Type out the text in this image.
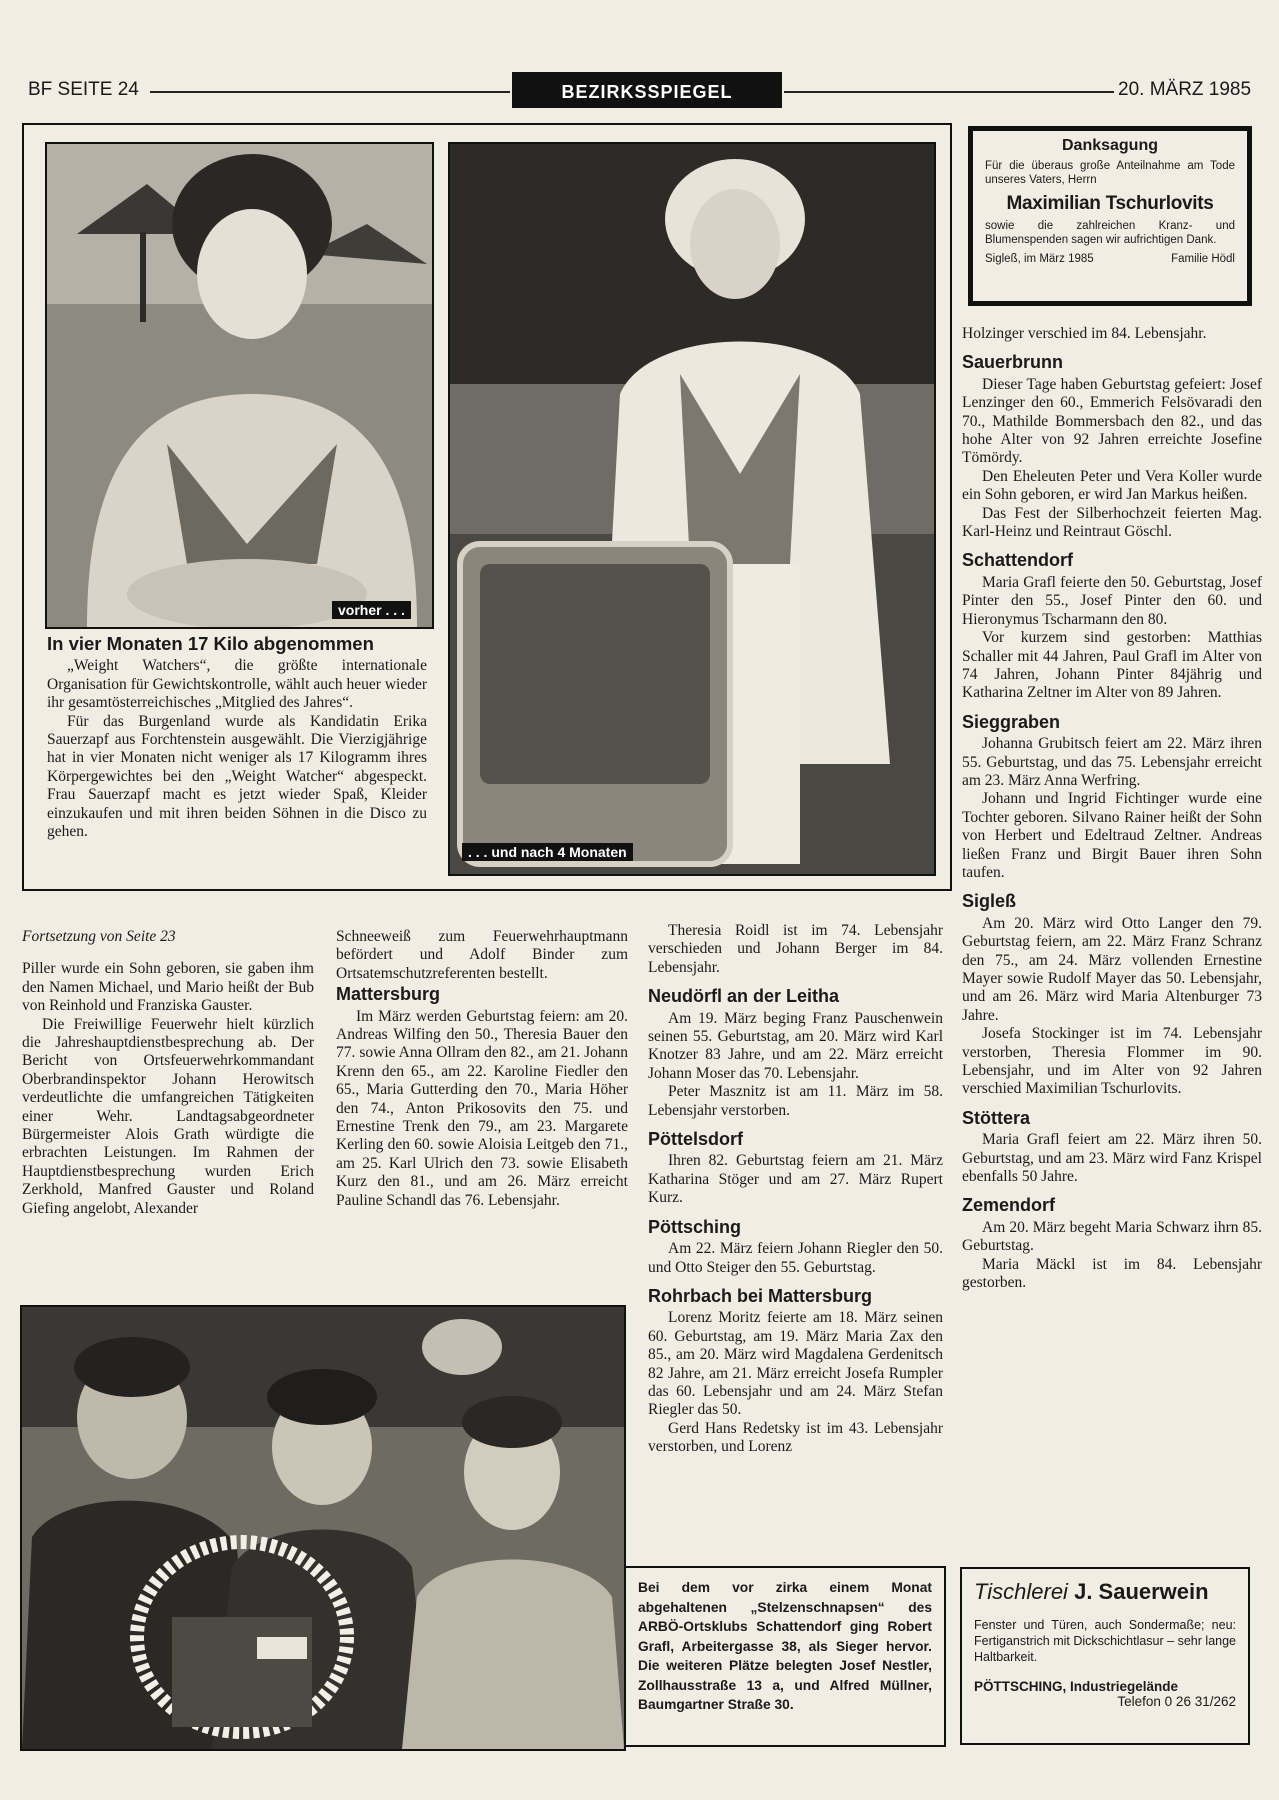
BF SEITE 24	BEZIRKSSPIEGEL	20. MÄRZ 1985
vorher . . .
. . . und nach 4 Monaten
In vier Monaten 17 Kilo abgenommen

„Weight Watchers“, die größte internationale Organisation für Gewichtskontrolle, wählt auch heuer wieder ihr gesamtösterreichisches „Mitglied des Jahres“.

Für das Burgenland wurde als Kandidatin Erika Sauerzapf aus Forchtenstein ausgewählt. Die Vierzigjährige hat in vier Monaten nicht weniger als 17 Kilogramm ihres Körpergewichtes bei den „Weight Watcher“ abgespeckt. Frau Sauerzapf macht es jetzt wieder Spaß, Kleider einzukaufen und mit ihren beiden Söhnen in die Disco zu gehen.

Danksagung
Für die überaus große Anteilnahme am Tode unseres Vaters, Herrn
Maximilian Tschurlovits
sowie die zahlreichen Kranz- und Blumenspenden sagen wir aufrichtigen Dank.
Sigleß, im März 1985	Familie Hödl

Fortsetzung von Seite 23

Piller wurde ein Sohn geboren, sie gaben ihm den Namen Michael, und Mario heißt der Bub von Reinhold und Franziska Gauster.

Die Freiwillige Feuerwehr hielt kürzlich die Jahreshauptdienstbesprechung ab. Der Bericht von Ortsfeuerwehrkommandant Oberbrandinspektor Johann Herowitsch verdeutlichte die umfangreichen Tätigkeiten einer Wehr. Landtagsabgeordneter Bürgermeister Alois Grath würdigte die erbrachten Leistungen. Im Rahmen der Hauptdienstbesprechung wurden Erich Zerkhold, Manfred Gauster und Roland Giefing angelobt, Alexander

Schneeweiß zum Feuerwehrhauptmann befördert und Adolf Binder zum Ortsatemschutzreferenten bestellt.

Mattersburg

Im März werden Geburtstag feiern: am 20. Andreas Wilfing den 50., Theresia Bauer den 77. sowie Anna Ollram den 82., am 21. Johann Krenn den 65., am 22. Karoline Fiedler den 65., Maria Gutterding den 70., Maria Höher den 74., Anton Prikosovits den 75. und Ernestine Trenk den 79., am 23. Margarete Kerling den 60. sowie Aloisia Leitgeb den 71., am 25. Karl Ulrich den 73. sowie Elisabeth Kurz den 81., und am 26. März erreicht Pauline Schandl das 76. Lebensjahr.

Theresia Roidl ist im 74. Lebensjahr verschieden und Johann Berger im 84. Lebensjahr.

Neudörfl an der Leitha

Am 19. März beging Franz Pauschenwein seinen 55. Geburtstag, am 20. März wird Karl Knotzer 83 Jahre, und am 22. März erreicht Johann Moser das 70. Lebensjahr.

Peter Masznitz ist am 11. März im 58. Lebensjahr verstorben.

Pöttelsdorf

Ihren 82. Geburtstag feiern am 21. März Katharina Stöger und am 27. März Rupert Kurz.

Pöttsching

Am 22. März feiern Johann Riegler den 50. und Otto Steiger den 55. Geburtstag.

Rohrbach bei Mattersburg

Lorenz Moritz feierte am 18. März seinen 60. Geburtstag, am 19. März Maria Zax den 85., am 20. März wird Magdalena Gerdenitsch 82 Jahre, am 21. März erreicht Josefa Rumpler das 60. Lebensjahr und am 24. März Stefan Riegler das 50.

Gerd Hans Redetsky ist im 43. Lebensjahr verstorben, und Lorenz

Holzinger verschied im 84. Lebensjahr.

Sauerbrunn

Dieser Tage haben Geburtstag gefeiert: Josef Lenzinger den 60., Emmerich Felsövaradi den 70., Mathilde Bommersbach den 82., und das hohe Alter von 92 Jahren erreichte Josefine Tömördy.

Den Eheleuten Peter und Vera Koller wurde ein Sohn geboren, er wird Jan Markus heißen.

Das Fest der Silberhochzeit feierten Mag. Karl-Heinz und Reintraut Göschl.

Schattendorf

Maria Grafl feierte den 50. Geburtstag, Josef Pinter den 55., Josef Pinter den 60. und Hieronymus Tscharmann den 80.

Vor kurzem sind gestorben: Matthias Schaller mit 44 Jahren, Paul Grafl im Alter von 74 Jahren, Johann Pinter 84jährig und Katharina Zeltner im Alter von 89 Jahren.

Sieggraben

Johanna Grubitsch feiert am 22. März ihren 55. Geburtstag, und das 75. Lebensjahr erreicht am 23. März Anna Werfring.

Johann und Ingrid Fichtinger wurde eine Tochter geboren. Silvano Rainer heißt der Sohn von Herbert und Edeltraud Zeltner. Andreas ließen Franz und Birgit Bauer ihren Sohn taufen.

Sigleß

Am 20. März wird Otto Langer den 79. Geburtstag feiern, am 22. März Franz Schranz den 75., am 24. März vollenden Ernestine Mayer sowie Rudolf Mayer das 50. Lebensjahr, und am 26. März wird Maria Altenburger 73 Jahre.

Josefa Stockinger ist im 74. Lebensjahr verstorben, Theresia Flommer im 90. Lebensjahr, und im Alter von 92 Jahren verschied Maximilian Tschurlovits.

Stöttera

Maria Grafl feiert am 22. März ihren 50. Geburtstag, und am 23. März wird Fanz Krispel ebenfalls 50 Jahre.

Zemendorf

Am 20. März begeht Maria Schwarz ihrn 85. Geburtstag.

Maria Mäckl ist im 84. Lebensjahr gestorben.

Bei dem vor zirka einem Monat abgehaltenen „Stelzenschnapsen“ des ARBÖ-Ortsklubs Schattendorf ging Robert Grafl, Arbeitergasse 38, als Sieger hervor. Die weiteren Plätze belegten Josef Nestler, Zollhausstraße 13 a, und Alfred Müllner, Baumgartner Straße 30.
Tischlerei J. Sauerwein
Fenster und Türen, auch Sondermaße; neu: Fertiganstrich mit Dickschichtlasur – sehr lange Haltbarkeit.
PÖTTSCHING, Industriegelände
Telefon 0 26 31/262
